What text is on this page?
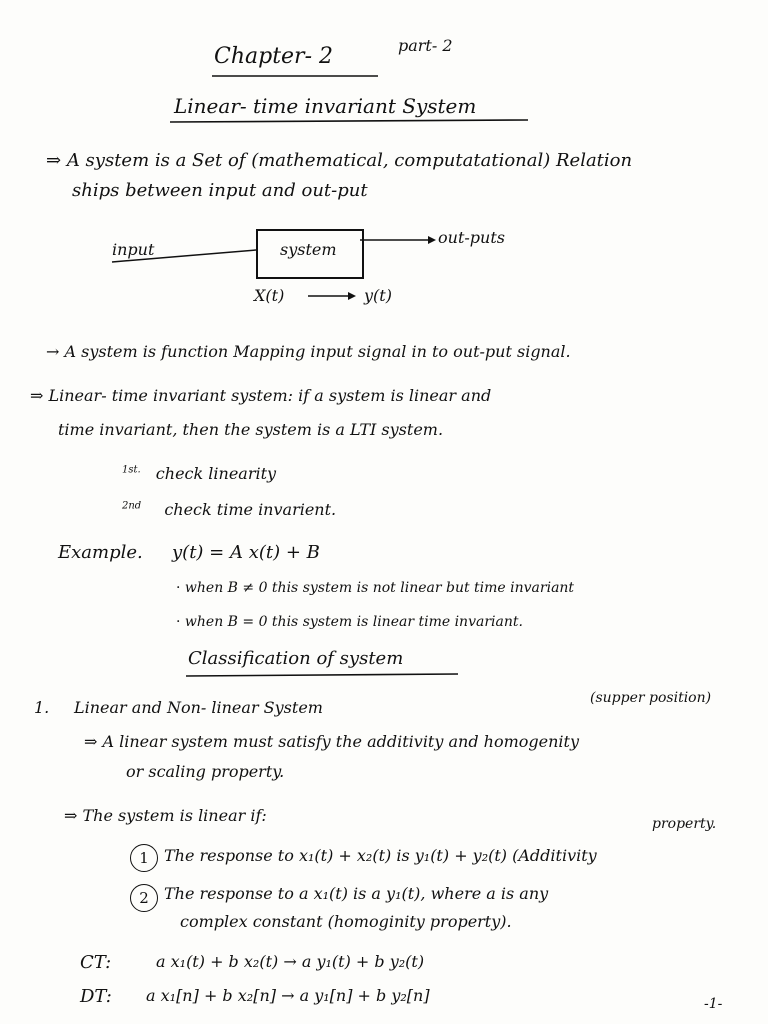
Chapter- 2	part- 2
Linear- time invariant System
⇒ A system is a Set of (mathematical, computatational) Relation
ships between input and out-put
input	system
out-puts
X(t)	y(t)
→ A system is function Mapping input signal in to out-put signal.
⇒ Linear- time invariant system: if a system is linear and
time invariant, then the system is a LTI system.
$^{1st.}$ check linearity
$^{2nd}$ check time invarient.
Example. y(t) = A x(t) + B
· when B ≠ 0 this system is not linear but time invariant
· when B = 0 this system is linear time invariant.
Classification of system
1. Linear and Non- linear System	(supper position)
⇒ A linear system must satisfy the additivity and homogenity
or scaling property.
⇒ The system is linear if:	property.
1 The response to x₁(t) + x₂(t) is y₁(t) + y₂(t) (Additivity
2 The response to a x₁(t) is a y₁(t), where a is any
complex constant (homoginity property).
CT:	a x₁(t) + b x₂(t) → a y₁(t) + b y₂(t)
DT: a x₁[n] + b x₂[n] → a y₁[n] + b y₂[n]	-1-
